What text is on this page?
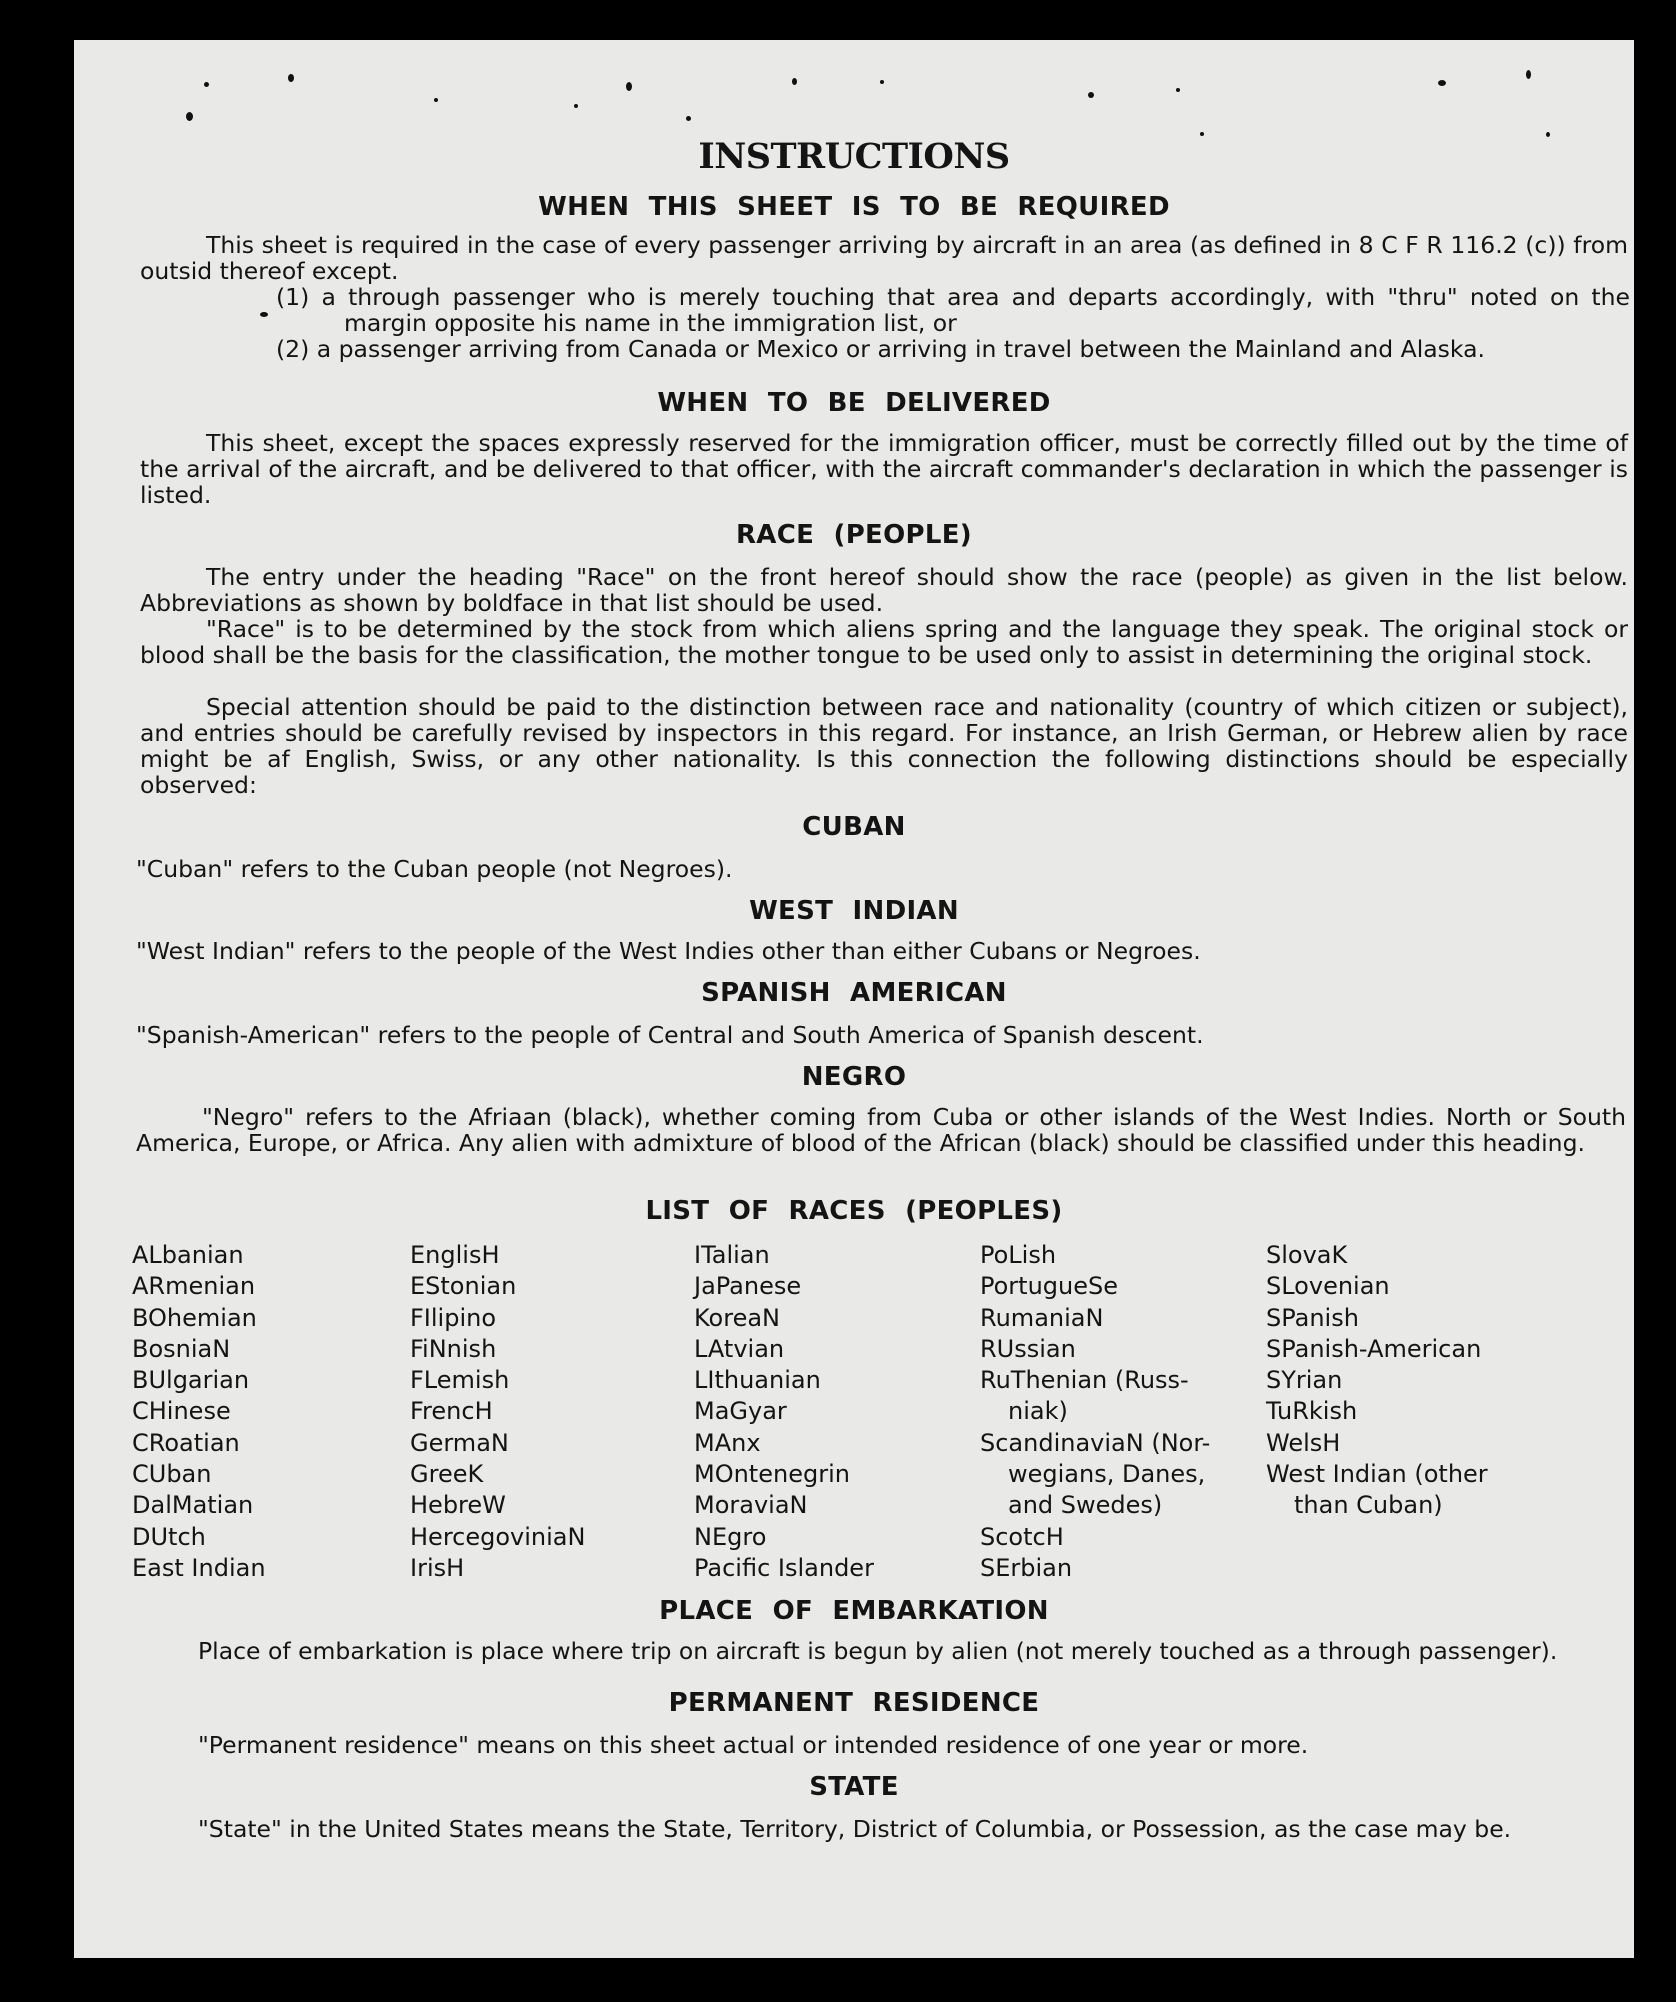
INSTRUCTIONS
WHEN THIS SHEET IS TO BE REQUIRED

This sheet is required in the case of every passenger arriving by aircraft in an area (as defined in 8 C F R 116.2 (c)) from outsid thereof except.

(1) a through passenger who is merely touching that area and departs accordingly, with "thru" noted on the margin opposite his name in the immigration list, or
(2) a passenger arriving from Canada or Mexico or arriving in travel between the Mainland and Alaska.
WHEN TO BE DELIVERED

This sheet, except the spaces expressly reserved for the immigration officer, must be correctly filled out by the time of the arrival of the aircraft, and be delivered to that officer, with the aircraft commander's declaration in which the passenger is listed.

RACE (PEOPLE)

The entry under the heading "Race" on the front hereof should show the race (people) as given in the list below. Abbreviations as shown by boldface in that list should be used.

"Race" is to be determined by the stock from which aliens spring and the language they speak. The original stock or blood shall be the basis for the classification, the mother tongue to be used only to assist in determining the original stock.

Special attention should be paid to the distinction between race and nationality (country of which citizen or subject), and entries should be carefully revised by inspectors in this regard. For instance, an Irish German, or Hebrew alien by race might be af English, Swiss, or any other nationality. Is this connection the following distinctions should be especially observed:

CUBAN

"Cuban" refers to the Cuban people (not Negroes).

WEST INDIAN

"West Indian" refers to the people of the West Indies other than either Cubans or Negroes.

SPANISH AMERICAN

"Spanish-American" refers to the people of Central and South America of Spanish descent.

NEGRO

"Negro" refers to the Afriaan (black), whether coming from Cuba or other islands of the West Indies. North or South America, Europe, or Africa. Any alien with admixture of blood of the African (black) should be classified under this heading.

LIST OF RACES (PEOPLES)
ALbanian
ARmenian
BOhemian
BosniaN
BUlgarian
CHinese
CRoatian
CUban
DalMatian
DUtch
East Indian
EnglisH
EStonian
FIlipino
FiNnish
FLemish
FrencH
GermaN
GreeK
HebreW
HercegoviniaN
IrisH
ITalian
JaPanese
KoreaN
LAtvian
LIthuanian
MaGyar
MAnx
MOntenegrin
MoraviaN
NEgro
Pacific Islander
PoLish
PortugueSe
RumaniaN
RUssian
RuThenian (Russ-
niak)
ScandinaviaN (Nor-
wegians, Danes,
and Swedes)
ScotcH
SErbian
SlovaK
SLovenian
SPanish
SPanish-American
SYrian
TuRkish
WelsH
West Indian (other
than Cuban)
PLACE OF EMBARKATION

Place of embarkation is place where trip on aircraft is begun by alien (not merely touched as a through passenger).

PERMANENT RESIDENCE

"Permanent residence" means on this sheet actual or intended residence of one year or more.

STATE

"State" in the United States means the State, Territory, District of Columbia, or Possession, as the case may be.
